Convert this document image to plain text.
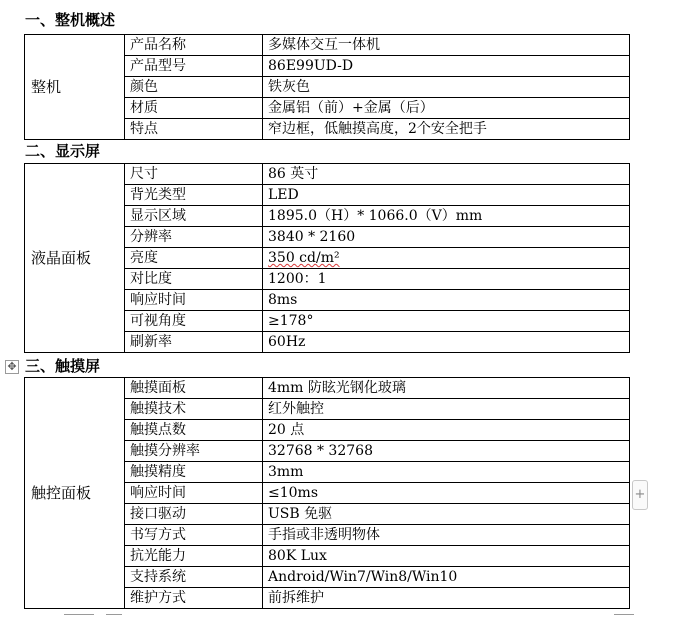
一、整机概述
整机	产品名称	多媒体交互一体机
	产品型号	86E99UD-D
	颜色	铁灰色
	材质	金属铝（前）+金属（后）
	特点	窄边框，低触摸高度，2个安全把手
二、显示屏
液晶面板	尺寸	86 英寸
	背光类型	LED
	显示区域	1895.0（H）* 1066.0（V）mm
	分辨率	3840 * 2160
	亮度	350 cd/m²
	对比度	1200：1
	响应时间	8ms
	可视角度	≥178°
	刷新率	60Hz
✥ 三、触摸屏
触控面板	触摸面板	4mm 防眩光钢化玻璃
	触摸技术	红外触控
	触摸点数	20 点
	触摸分辨率	32768 * 32768
	触摸精度	3mm
	响应时间	≤10ms
	接口驱动	USB 免驱
	书写方式	手指或非透明物体
	抗光能力	80K Lux
	支持系统	Android/Win7/Win8/Win10
	维护方式	前拆维护
+
